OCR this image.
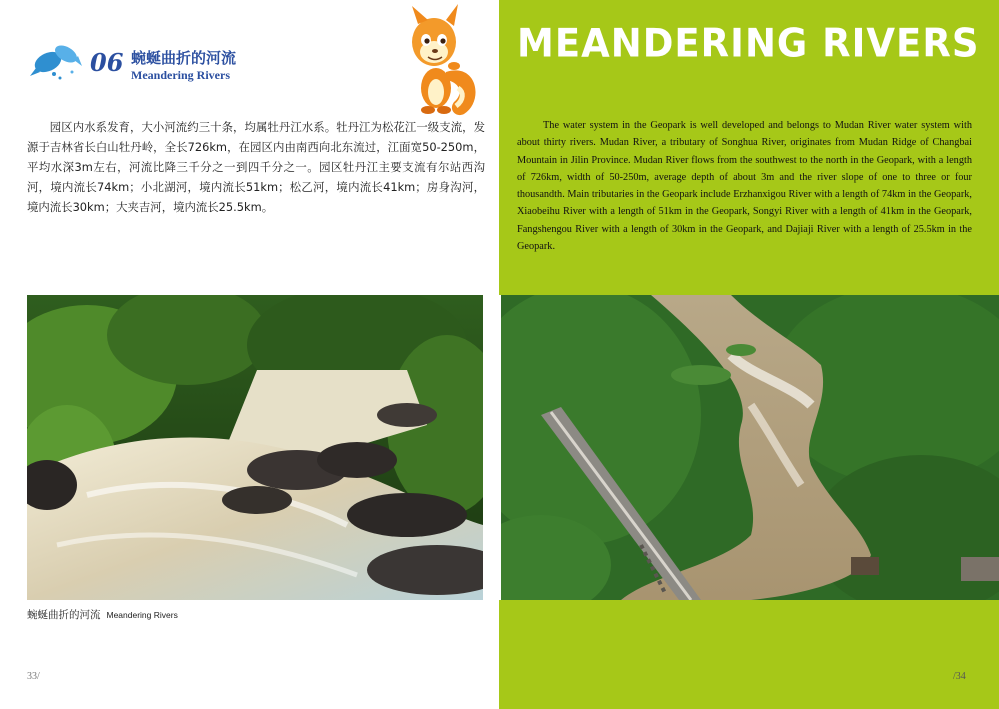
06 蜿蜒曲折的河流
Meandering Rivers

园区内水系发育，大小河流约三十条，均属牡丹江水系。牡丹江为松花江一级支流，发源于吉林省长白山牡丹岭，全长726km，在园区内由南西向北东流过，江面宽50-250m，平均水深3m左右，河流比降三千分之一到四千分之一。园区牡丹江主要支流有尔站西沟河，境内流长74km；小北湖河，境内流长51km；松乙河，境内流长41km；房身沟河，境内流长30km；大夹吉河，境内流长25.5km。

蜿蜒曲折的河流 Meandering Rivers
33/
MEANDERING RIVERS

The water system in the Geopark is well developed and belongs to Mudan River water system with about thirty rivers. Mudan River, a tributary of Songhua River, originates from Mudan Ridge of Changbai Mountain in Jilin Province. Mudan River flows from the southwest to the north in the Geopark, with a length of 726km, width of 50-250m, average depth of about 3m and the river slope of one to three or four thousandth. Main tributaries in the Geopark include Erzhanxigou River with a length of 74km in the Geopark, Xiaobeihu River with a length of 51km in the Geopark, Songyi River with a length of 41km in the Geopark, Fangshengou River with a length of 30km in the Geopark, and Dajiaji River with a length of 25.5km in the Geopark.

/34
